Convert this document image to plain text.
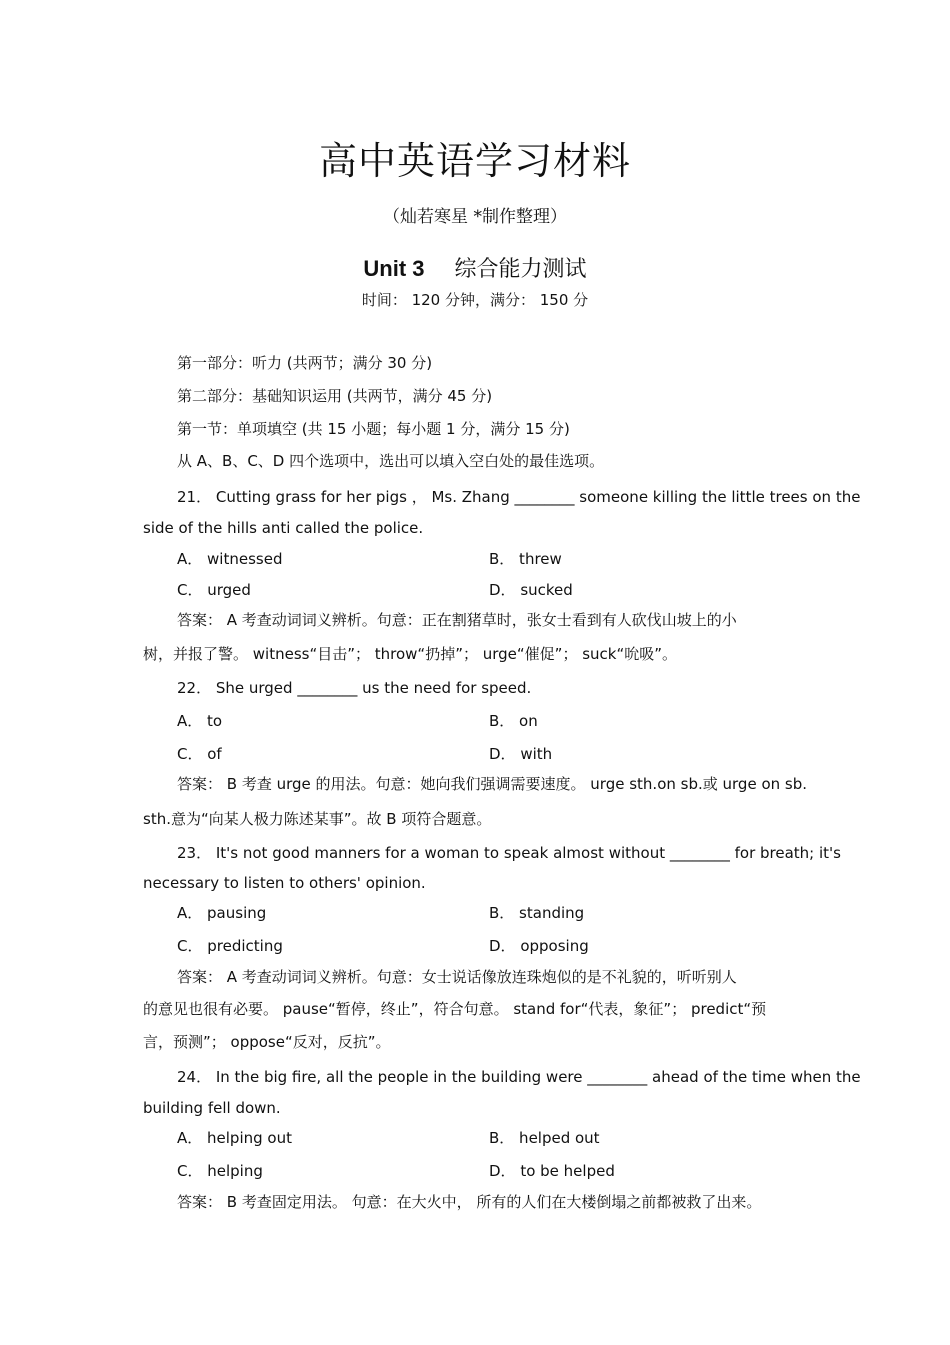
高中英语学习材料
（灿若寒星 *制作整理）
Unit 3 综合能力测试
时间： 120 分钟，满分： 150 分
第一部分：听力 (共两节；满分 30 分)
第二部分：基础知识运用 (共两节，满分 45 分)
第一节：单项填空 (共 15 小题；每小题 1 分，满分 15 分)
从 A、B、C、D 四个选项中，选出可以填入空白处的最佳选项。
21． Cutting grass for her pigs ， Ms. Zhang ________ someone killing the little trees on the
side of the hills anti called the police.
A． witnessed	B． threw
C． urged	D． sucked
答案： A 考查动词词义辨析。句意：正在割猪草时，张女士看到有人砍伐山坡上的小
树，并报了警。 witness“目击”； throw“扔掉”； urge“催促”； suck“吮吸”。
22． She urged ________ us the need for speed.
A． to	B． on
C． of	D． with
答案： B 考查 urge 的用法。句意：她向我们强调需要速度。 urge sth.on sb.或 urge on sb.
sth.意为“向某人极力陈述某事”。故 B 项符合题意。
23． It's not good manners for a woman to speak almost without ________ for breath; it's
necessary to listen to others' opinion.
A． pausing	B． standing
C． predicting	D． opposing
答案： A 考查动词词义辨析。句意：女士说话像放连珠炮似的是不礼貌的，听听别人
的意见也很有必要。 pause“暂停，终止”，符合句意。 stand for“代表，象征”； predict“预
言，预测”； oppose“反对，反抗”。
24． In the big fire, all the people in the building were ________ ahead of the time when the
building fell down.
A． helping out	B． helped out
C． helping	D． to be helped
答案： B 考查固定用法。 句意：在大火中， 所有的人们在大楼倒塌之前都被救了出来。
